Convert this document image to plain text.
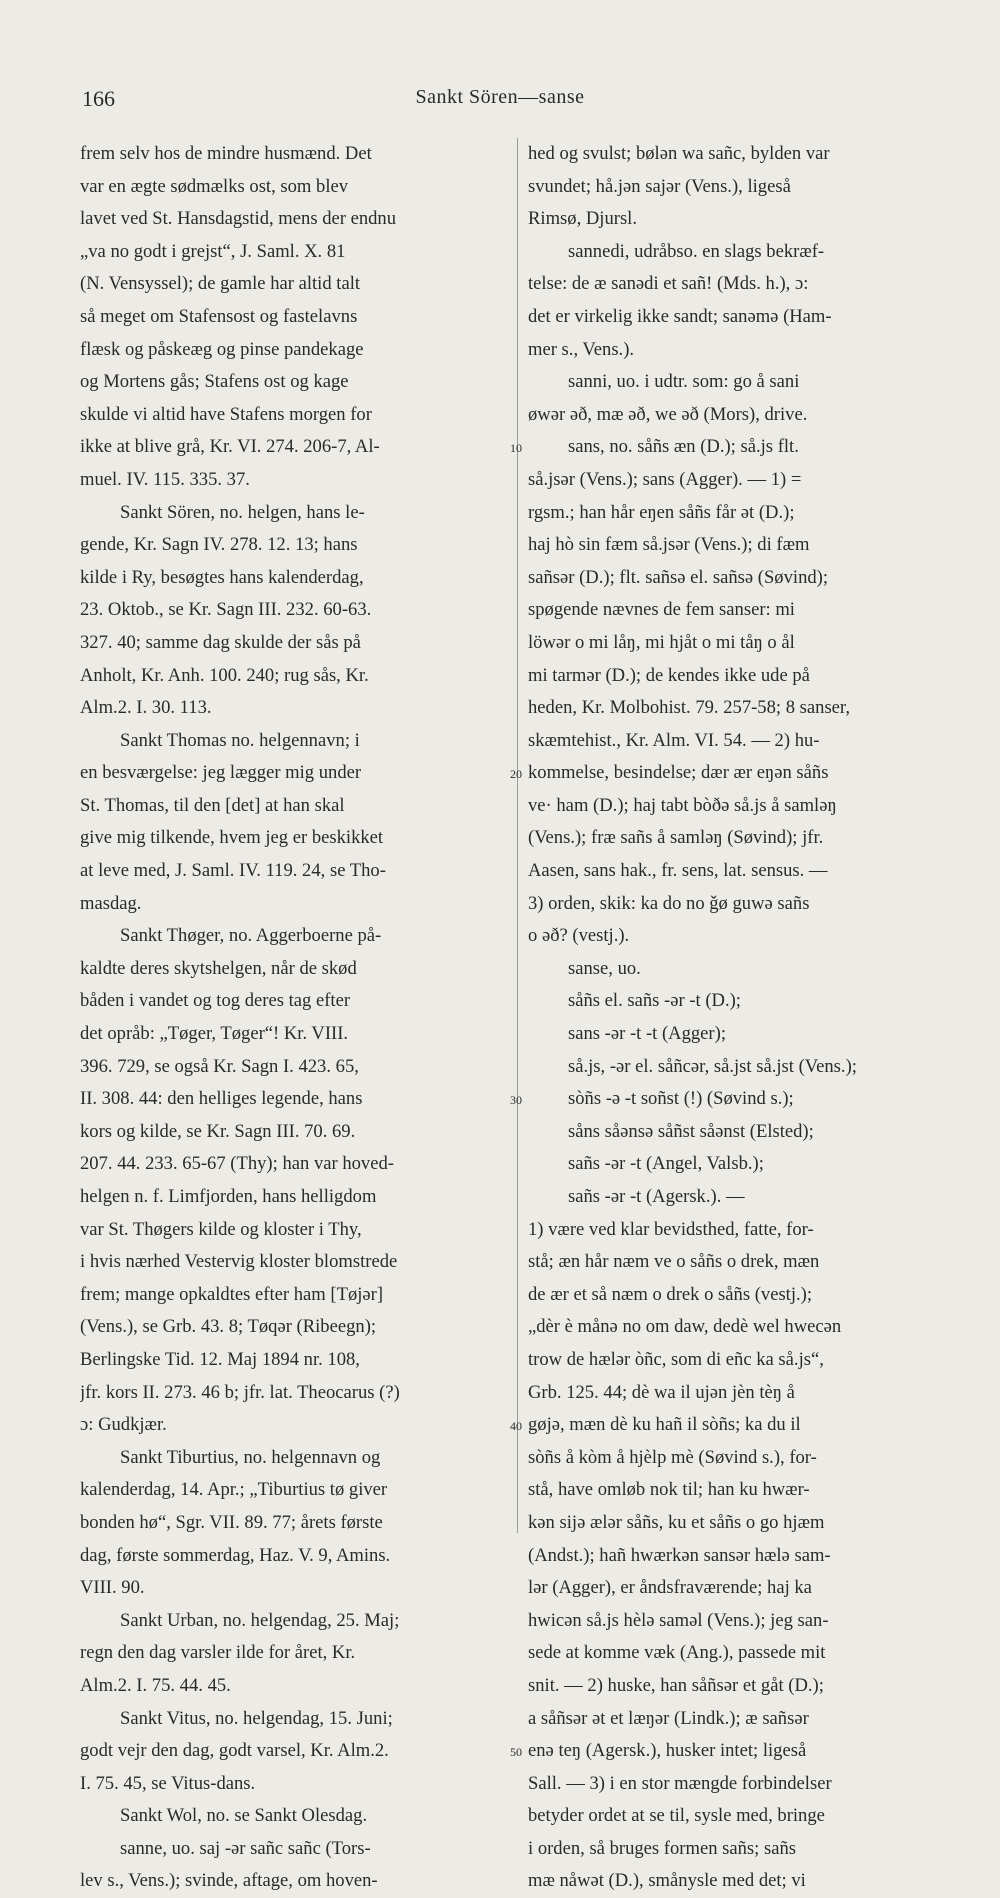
166	Sankt Sören—sanse
frem selv hos de mindre husmænd. Det
var en ægte sødmælks ost, som blev
lavet ved St. Hansdagstid, mens der endnu
„va no godt i grejst“, J. Saml. X. 81
(N. Vensyssel); de gamle har altid talt
så meget om Stafensost og fastelavns
flæsk og påskeæg og pinse pandekage
og Mortens gås; Stafens ost og kage
skulde vi altid have Stafens morgen for
ikke at blive grå, Kr. VI. 274. 206-7, Al-
muel. IV. 115. 335. 37.
Sankt Sören, no. helgen, hans le-
gende, Kr. Sagn IV. 278. 12. 13; hans
kilde i Ry, besøgtes hans kalenderdag,
23. Oktob., se Kr. Sagn III. 232. 60-63.
327. 40; samme dag skulde der sås på
Anholt, Kr. Anh. 100. 240; rug sås, Kr.
Alm.2. I. 30. 113.
Sankt Thomas no. helgennavn; i
en besværgelse: jeg lægger mig under
St. Thomas, til den [det] at han skal
give mig tilkende, hvem jeg er beskikket
at leve med, J. Saml. IV. 119. 24, se Tho-
masdag.
Sankt Thøger, no. Aggerboerne på-
kaldte deres skytshelgen, når de skød
båden i vandet og tog deres tag efter
det opråb: „Tøger, Tøger“! Kr. VIII.
396. 729, se også Kr. Sagn I. 423. 65,
II. 308. 44: den helliges legende, hans
kors og kilde, se Kr. Sagn III. 70. 69.
207. 44. 233. 65-67 (Thy); han var hoved-
helgen n. f. Limfjorden, hans helligdom
var St. Thøgers kilde og kloster i Thy,
i hvis nærhed Vestervig kloster blomstrede
frem; mange opkaldtes efter ham [Tøjər]
(Vens.), se Grb. 43. 8; Tøqər (Ribeegn);
Berlingske Tid. 12. Maj 1894 nr. 108,
jfr. kors II. 273. 46 b; jfr. lat. Theocarus (?)
ɔ: Gudkjær.
Sankt Tiburtius, no. helgennavn og
kalenderdag, 14. Apr.; „Tiburtius tø giver
bonden hø“, Sgr. VII. 89. 77; årets første
dag, første sommerdag, Haz. V. 9, Amins.
VIII. 90.
Sankt Urban, no. helgendag, 25. Maj;
regn den dag varsler ilde for året, Kr.
Alm.2. I. 75. 44. 45.
Sankt Vitus, no. helgendag, 15. Juni;
godt vejr den dag, godt varsel, Kr. Alm.2.
I. 75. 45, se Vitus-dans.
Sankt Wol, no. se Sankt Olesdag.
sanne, uo. saj -ər sañc sañc (Tors-
lev s., Vens.); svinde, aftage, om hoven-
hed og svulst; bølən wa sañc, bylden var
svundet; hå.jən sajər (Vens.), ligeså
Rimsø, Djursl.
sannedi, udråbso. en slags bekræf-
telse: de æ sanədi et sañ! (Mds. h.), ɔ:
det er virkelig ikke sandt; sanəmə (Ham-
mer s., Vens.).
sanni, uo. i udtr. som: go å sani
øwər əð, mæ əð, we əð (Mors), drive.
sans, no. såñs æn (D.); så.js flt.
så.jsər (Vens.); sans (Agger). — 1) =
rgsm.; han hår eŋen såñs får ət (D.);
haj hò sin fæm så.jsər (Vens.); di fæm
sañsər (D.); flt. sañsə el. sañsə (Søvind);
spøgende nævnes de fem sanser: mi
löwər o mi låŋ, mi hjåt o mi tåŋ o ål
mi tarmər (D.); de kendes ikke ude på
heden, Kr. Molbohist. 79. 257-58; 8 sanser,
skæmtehist., Kr. Alm. VI. 54. — 2) hu-
kommelse, besindelse; dær ær eŋən såñs
ve· ham (D.); haj tabt bòðə så.js å samləŋ
(Vens.); fræ sañs å samləŋ (Søvind); jfr.
Aasen, sans hak., fr. sens, lat. sensus. —
3) orden, skik: ka do no ǧø guwə sañs
o əð? (vestj.).
sanse, uo.
såñs el. sañs -ər -t (D.);
sans -ər -t -t (Agger);
så.js, -ər el. såñcər, så.jst så.jst (Vens.);
sòñs -ə -t soñst (!) (Søvind s.);
såns såənsə såñst såənst (Elsted);
sañs -ər -t (Angel, Valsb.);
sañs -ər -t (Agersk.). —
1) være ved klar bevidsthed, fatte, for-
stå; æn hår næm ve o såñs o drek, mæn
de ær et så næm o drek o såñs (vestj.);
„dèr è månə no om daw, dedè wel hwecən
trow de hælər òñc, som di eñc ka så.js“,
Grb. 125. 44; dè wa il ujən jèn tèŋ å
gøjə, mæn dè ku hañ il sòñs; ka du il
sòñs å kòm å hjèlp mè (Søvind s.), for-
stå, have omløb nok til; han ku hwær-
kən sijə ælər såñs, ku et såñs o go hjæm
(Andst.); hañ hwærkən sansər hælə sam-
lər (Agger), er åndsfraværende; haj ka
hwicən så.js hèlə saməl (Vens.); jeg san-
sede at komme væk (Ang.), passede mit
snit. — 2) huske, han såñsər et gåt (D.);
a såñsər ət et læŋər (Lindk.); æ sañsər
enə teŋ (Agersk.), husker intet; ligeså
Sall. — 3) i en stor mængde forbindelser
betyder ordet at se til, sysle med, bringe
i orden, så bruges formen sañs; sañs
mæ nåwət (D.), smånysle med det; vi
10
20
30
40
50
